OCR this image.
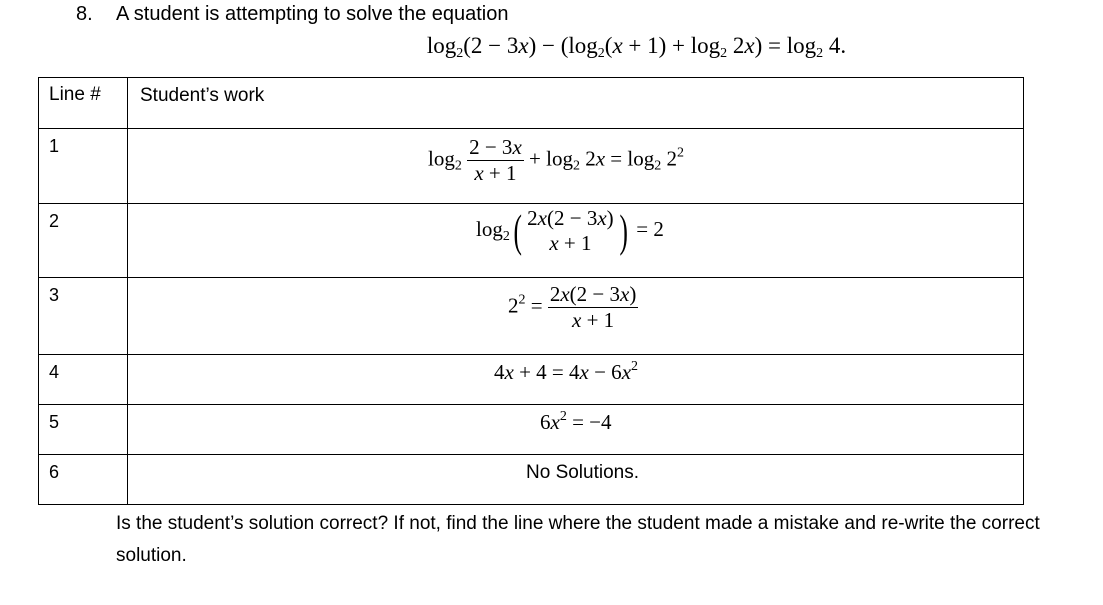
8. A student is attempting to solve the equation
$\log_2(2 - 3x) - (\log_2(x + 1) + \log_2 2x) = \log_2 4$.
Line #	Student’s work

1	$\log_2 \frac{2 - 3x}{x + 1} + \log_2 2x = \log_2 2^2$

2	$\log_2$( 2x(2 − 3x)
x + 1 ) = 2

3	$2^2 = \frac{2x(2 - 3x)}{x + 1}$

4	$4x + 4 = 4x - 6x^2$

5	$6x^2 = -4$

6	No Solutions.
Is the student’s solution correct? If not, find the line where the student made a mistake and re-write the correct solution.
